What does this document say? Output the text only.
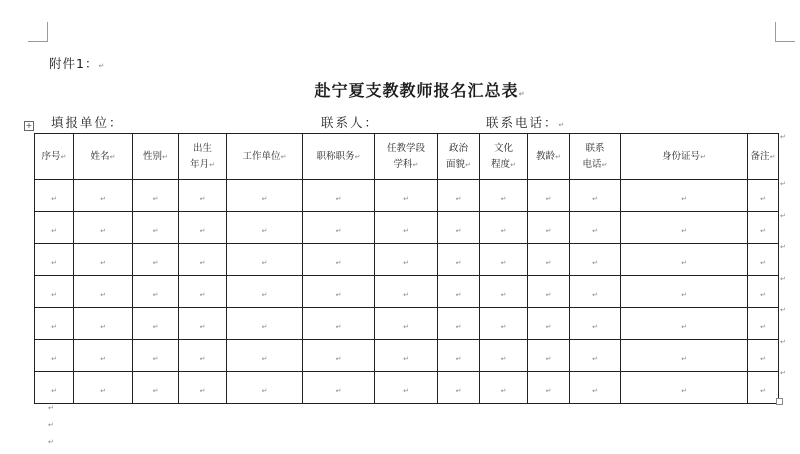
附件1：↵
赴宁夏支教教师报名汇总表↵
填报单位：	联系人：	联系电话：↵
+
序号↵	姓名↵	性别↵	出生
年月↵	工作单位↵	职称职务↵	任教学段
学科↵	政治
面貌↵	文化
程度↵	教龄↵	联系
电话↵	身份证号↵	备注↵
↵	↵	↵	↵	↵	↵	↵	↵	↵	↵	↵	↵	↵
↵	↵	↵	↵	↵	↵	↵	↵	↵	↵	↵	↵	↵
↵	↵	↵	↵	↵	↵	↵	↵	↵	↵	↵	↵	↵
↵	↵	↵	↵	↵	↵	↵	↵	↵	↵	↵	↵	↵
↵	↵	↵	↵	↵	↵	↵	↵	↵	↵	↵	↵	↵
↵	↵	↵	↵	↵	↵	↵	↵	↵	↵	↵	↵	↵
↵	↵	↵	↵	↵	↵	↵	↵	↵	↵	↵	↵	↵
↵
↵
↵
↵
↵
↵
↵
↵
↵
↵
↵
